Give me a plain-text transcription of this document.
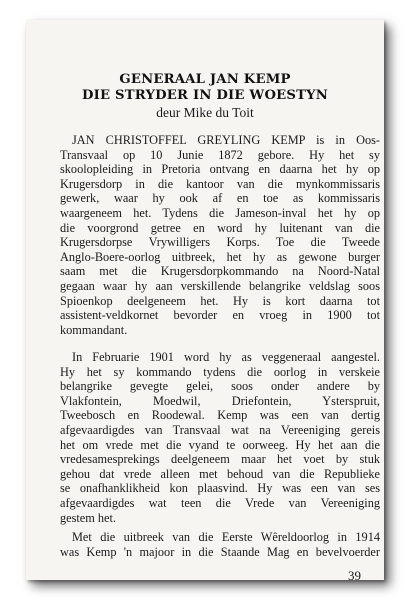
GENERAAL JAN KEMP
DIE STRYDER IN DIE WOESTYN
deur Mike du Toit
JAN CHRISTOFFEL GREYLING KEMP is in Oos-
Transvaal op 10 Junie 1872 gebore. Hy het sy
skoolopleiding in Pretoria ontvang en daarna het hy op
Krugersdorp in die kantoor van die mynkommissaris
gewerk, waar hy ook af en toe as kommissaris
waargeneem het. Tydens die Jameson-inval het hy op
die voorgrond getree en word hy luitenant van die
Krugersdorpse Vrywilligers Korps. Toe die Tweede
Anglo-Boere-oorlog uitbreek, het hy as gewone burger
saam met die Krugersdorpkommando na Noord-Natal
gegaan waar hy aan verskillende belangrike veldslag soos
Spioenkop deelgeneem het. Hy is kort daarna tot
assistent-veldkornet bevorder en vroeg in 1900 tot
kommandant.
In Februarie 1901 word hy as veggeneraal aangestel.
Hy het sy kommando tydens die oorlog in verskeie
belangrike gevegte gelei, soos onder andere by
Vlakfontein, Moedwil, Driefontein, Ysterspruit,
Tweebosch en Roodewal. Kemp was een van dertig
afgevaardigdes van Transvaal wat na Vereeniging gereis
het om vrede met die vyand te oorweeg. Hy het aan die
vredesamesprekings deelgeneem maar het voet by stuk
gehou dat vrede alleen met behoud van die Republieke
se onafhanklikheid kon plaasvind. Hy was een van ses
afgevaardigdes wat teen die Vrede van Vereeniging
gestem het.
Met die uitbreek van die Eerste Wêreldoorlog in 1914
was Kemp 'n majoor in die Staande Mag en bevelvoerder
39
